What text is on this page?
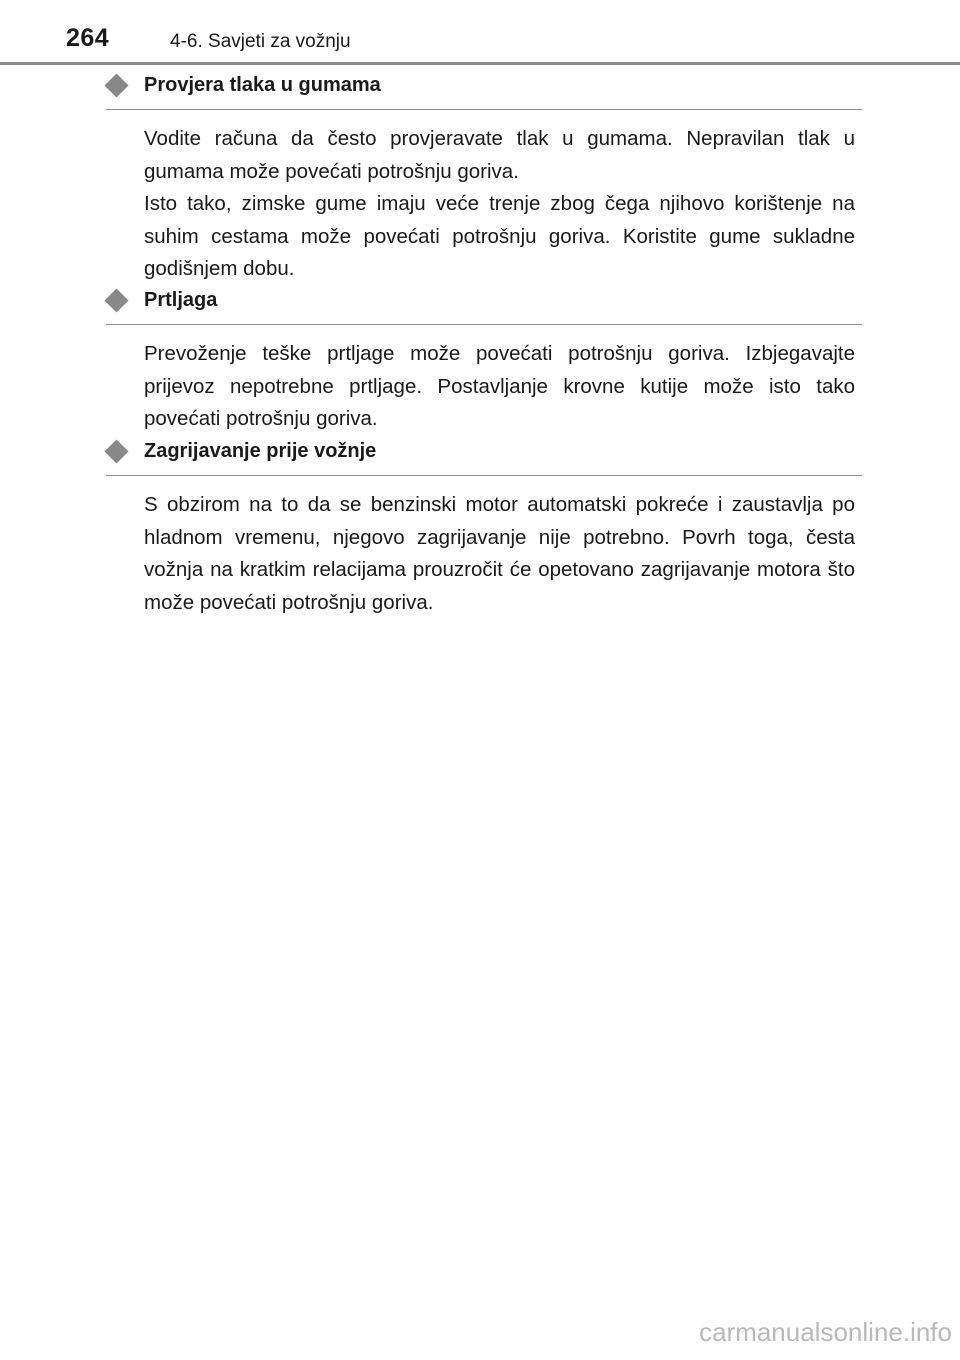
264	4-6. Savjeti za vožnju
Provjera tlaka u gumama

Vodite računa da često provjeravate tlak u gumama. Nepravilan tlak u gumama može povećati potrošnju goriva.

Isto tako, zimske gume imaju veće trenje zbog čega njihovo korištenje na suhim cestama može povećati potrošnju goriva. Koristite gume sukladne godišnjem dobu.

Prtljaga

Prevoženje teške prtljage može povećati potrošnju goriva. Izbjegavajte prijevoz nepotrebne prtljage. Postavljanje krovne kutije može isto tako povećati potrošnju goriva.

Zagrijavanje prije vožnje

S obzirom na to da se benzinski motor automatski pokreće i zaustavlja po hladnom vremenu, njegovo zagrijavanje nije potrebno. Povrh toga, česta vožnja na kratkim relacijama prouzročit će opetovano zagrijavanje motora što može povećati potrošnju goriva.

carmanualsonline.info
